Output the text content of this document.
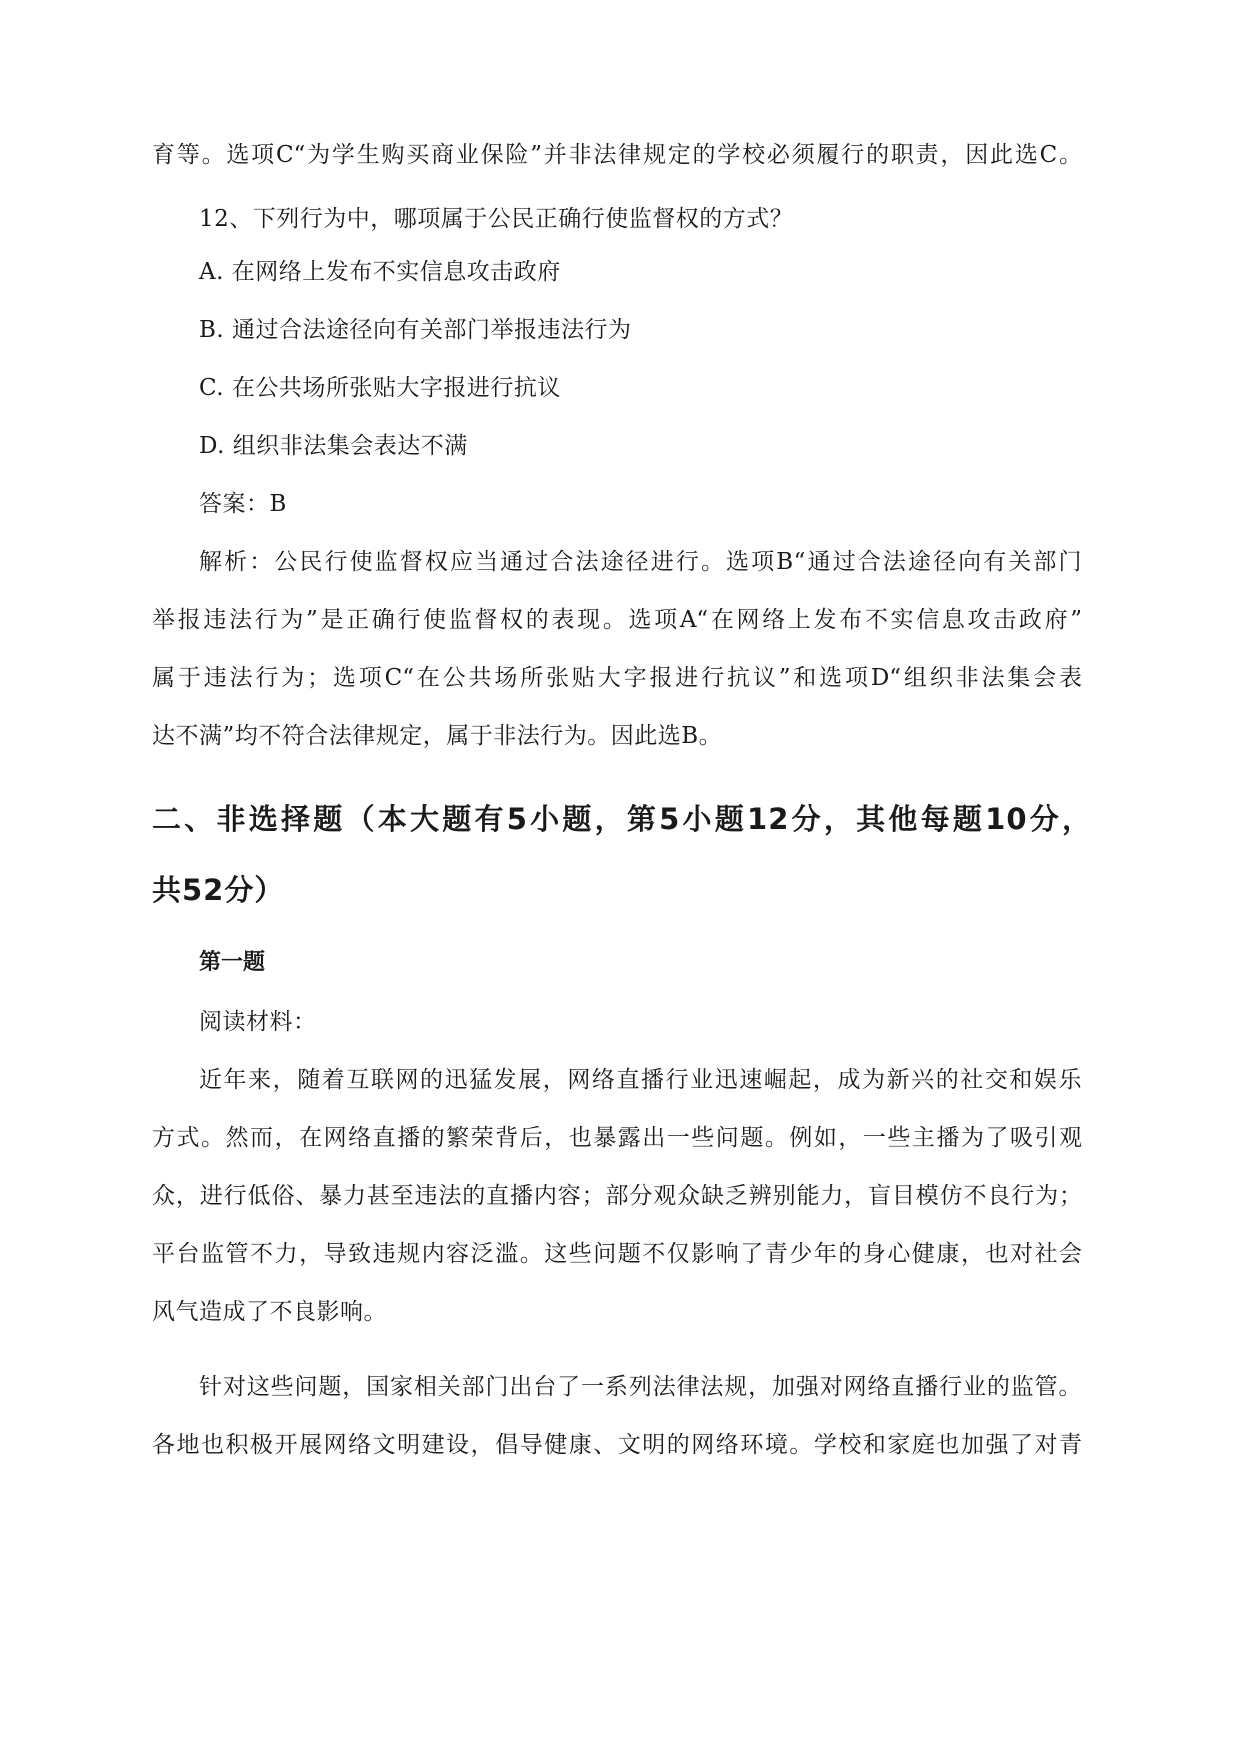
育等。选项C“为学生购买商业保险”并非法律规定的学校必须履行的职责，因此选C。
12、下列行为中，哪项属于公民正确行使监督权的方式？
A. 在网络上发布不实信息攻击政府
B. 通过合法途径向有关部门举报违法行为
C. 在公共场所张贴大字报进行抗议
D. 组织非法集会表达不满
答案：B
解析：公民行使监督权应当通过合法途径进行。选项B“通过合法途径向有关部门
举报违法行为”是正确行使监督权的表现。选项A“在网络上发布不实信息攻击政府”
属于违法行为；选项C“在公共场所张贴大字报进行抗议”和选项D“组织非法集会表
达不满”均不符合法律规定，属于非法行为。因此选B。
二、非选择题（本大题有5小题，第5小题12分，其他每题10分，
共52分）
第一题
阅读材料：
近年来，随着互联网的迅猛发展，网络直播行业迅速崛起，成为新兴的社交和娱乐
方式。然而，在网络直播的繁荣背后，也暴露出一些问题。例如，一些主播为了吸引观
众，进行低俗、暴力甚至违法的直播内容；部分观众缺乏辨别能力，盲目模仿不良行为；
平台监管不力，导致违规内容泛滥。这些问题不仅影响了青少年的身心健康，也对社会
风气造成了不良影响。
针对这些问题，国家相关部门出台了一系列法律法规，加强对网络直播行业的监管。
各地也积极开展网络文明建设，倡导健康、文明的网络环境。学校和家庭也加强了对青
